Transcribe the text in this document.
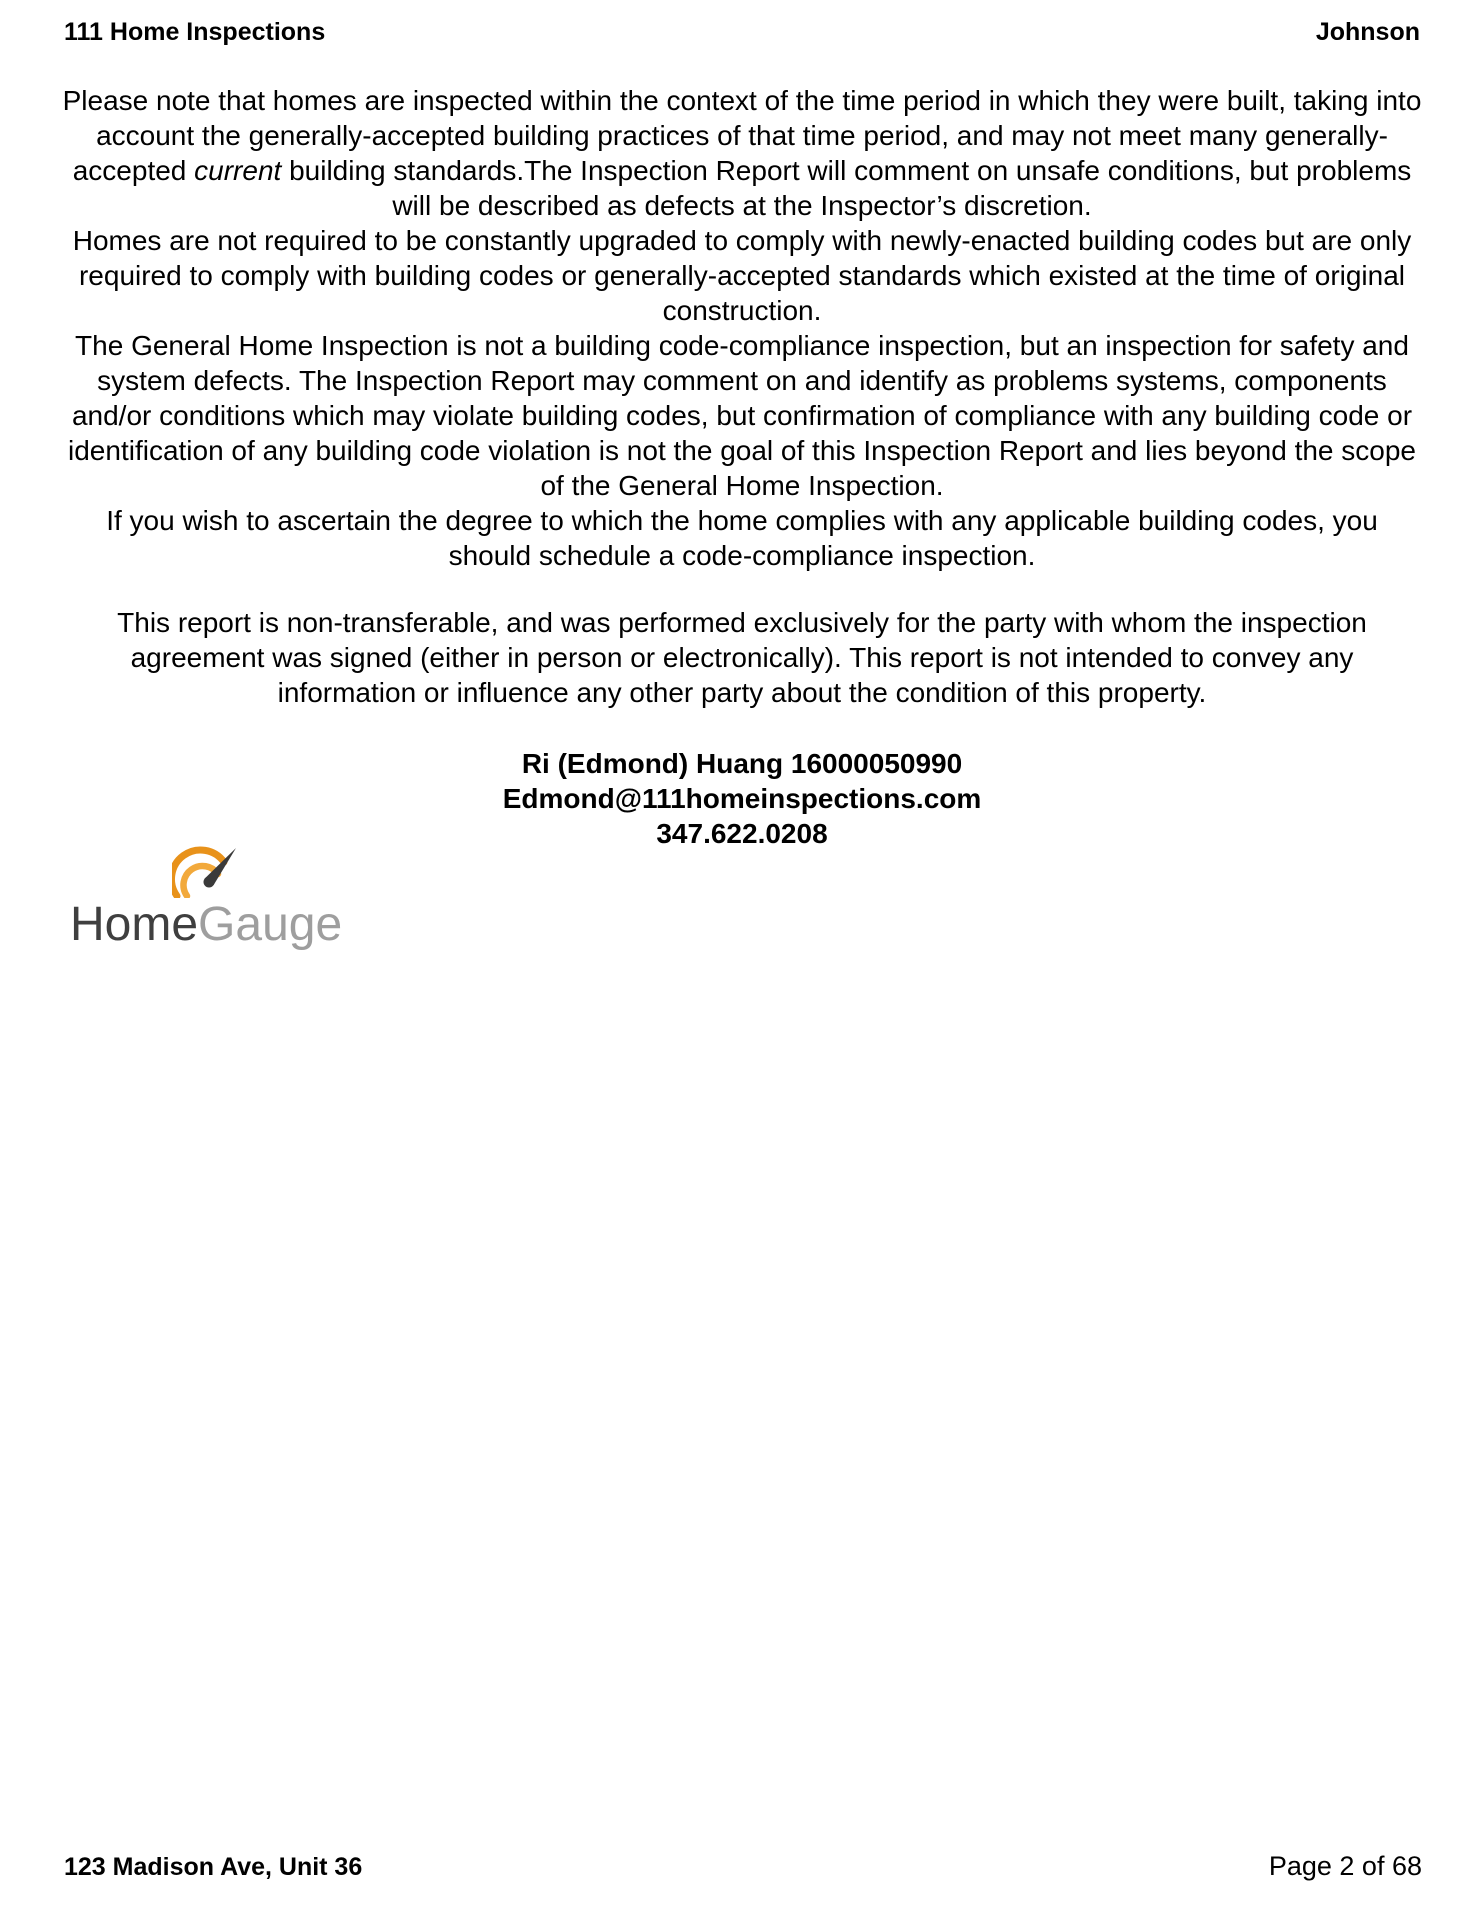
111 Home Inspections	Johnson

Please note that homes are inspected within the context of the time period in which they were built, taking into account the generally-accepted building practices of that time period, and may not meet many generally-accepted current building standards.The Inspection Report will comment on unsafe conditions, but problems will be described as defects at the Inspector’s discretion.

Homes are not required to be constantly upgraded to comply with newly-enacted building codes but are only required to comply with building codes or generally-accepted standards which existed at the time of original construction.

The General Home Inspection is not a building code-compliance inspection, but an inspection for safety and system defects. The Inspection Report may comment on and identify as problems systems, components and/or conditions which may violate building codes, but confirmation of compliance with any building code or identification of any building code violation is not the goal of this Inspection Report and lies beyond the scope of the General Home Inspection.

If you wish to ascertain the degree to which the home complies with any applicable building codes, you should schedule a code-compliance inspection.

This report is non-transferable, and was performed exclusively for the party with whom the inspection agreement was signed (either in person or electronically). This report is not intended to convey any information or influence any other party about the condition of this property.

Ri (Edmond) Huang 16000050990
Edmond@111homeinspections.com
347.622.0208
HomeGauge
123 Madison Ave, Unit 36	Page 2 of 68
